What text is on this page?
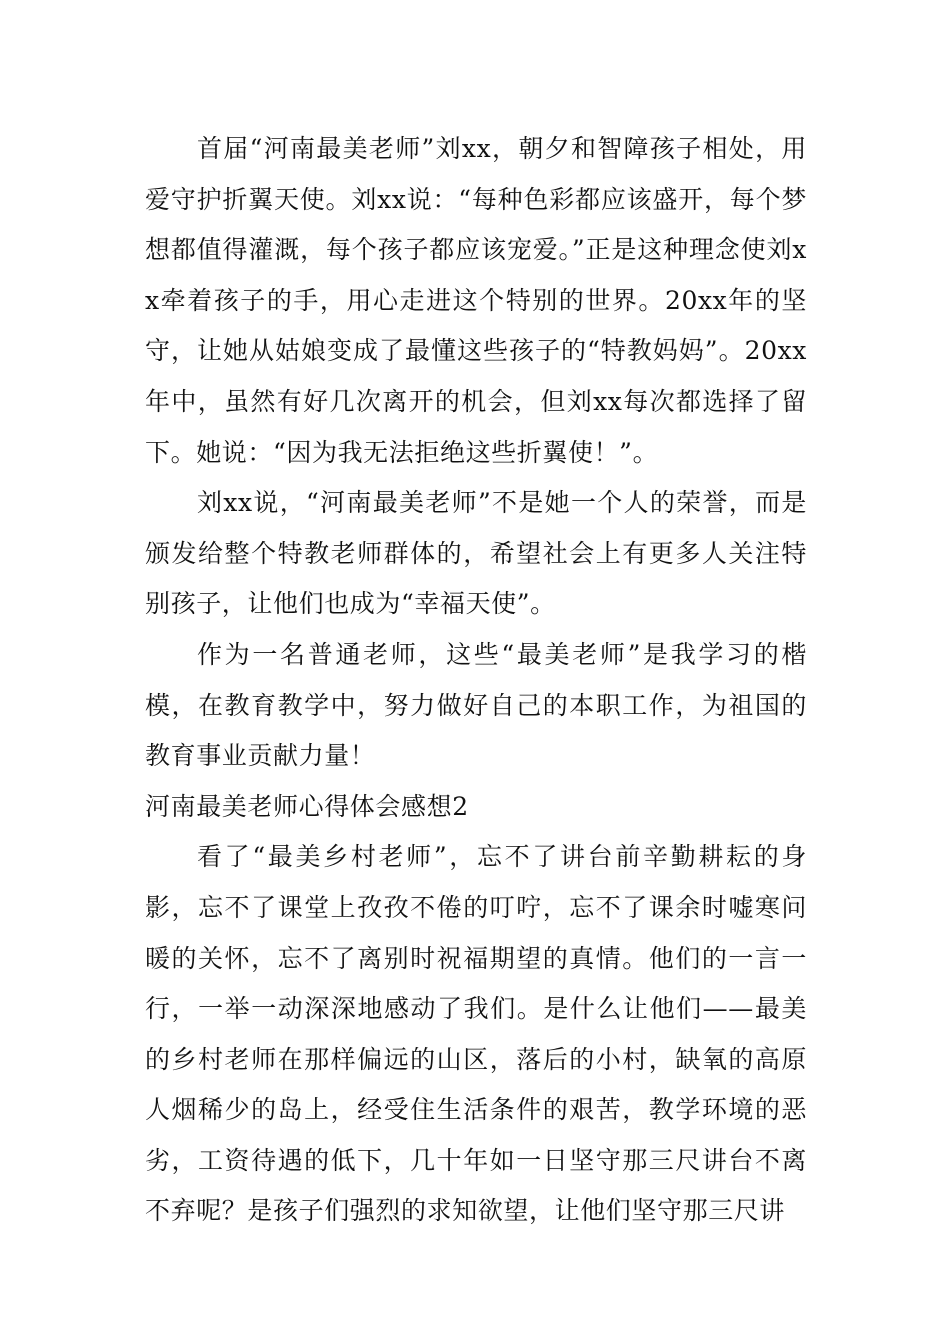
首届“河南最美老师”刘xx，朝夕和智障孩子相处，用爱守护折翼天使。刘xx说：“每种色彩都应该盛开，每个梦想都值得灌溉，每个孩子都应该宠爱。”正是这种理念使刘xx牵着孩子的手，用心走进这个特别的世界。20xx年的坚守，让她从姑娘变成了最懂这些孩子的“特教妈妈”。20xx年中，虽然有好几次离开的机会，但刘xx每次都选择了留下。她说：“因为我无法拒绝这些折翼使！”。

刘xx说，“河南最美老师”不是她一个人的荣誉，而是颁发给整个特教老师群体的，希望社会上有更多人关注特别孩子，让他们也成为“幸福天使”。

作为一名普通老师，这些“最美老师”是我学习的楷模，在教育教学中，努力做好自己的本职工作，为祖国的教育事业贡献力量！

河南最美老师心得体会感想2

看了“最美乡村老师”，忘不了讲台前辛勤耕耘的身影，忘不了课堂上孜孜不倦的叮咛，忘不了课余时嘘寒问暖的关怀，忘不了离别时祝福期望的真情。他们的一言一行，一举一动深深地感动了我们。是什么让他们——最美的乡村老师在那样偏远的山区，落后的小村，缺氧的高原人烟稀少的岛上，经受住生活条件的艰苦，教学环境的恶劣，工资待遇的低下，几十年如一日坚守那三尺讲台不离不弃呢？是孩子们强烈的求知欲望，让他们坚守那三尺讲
